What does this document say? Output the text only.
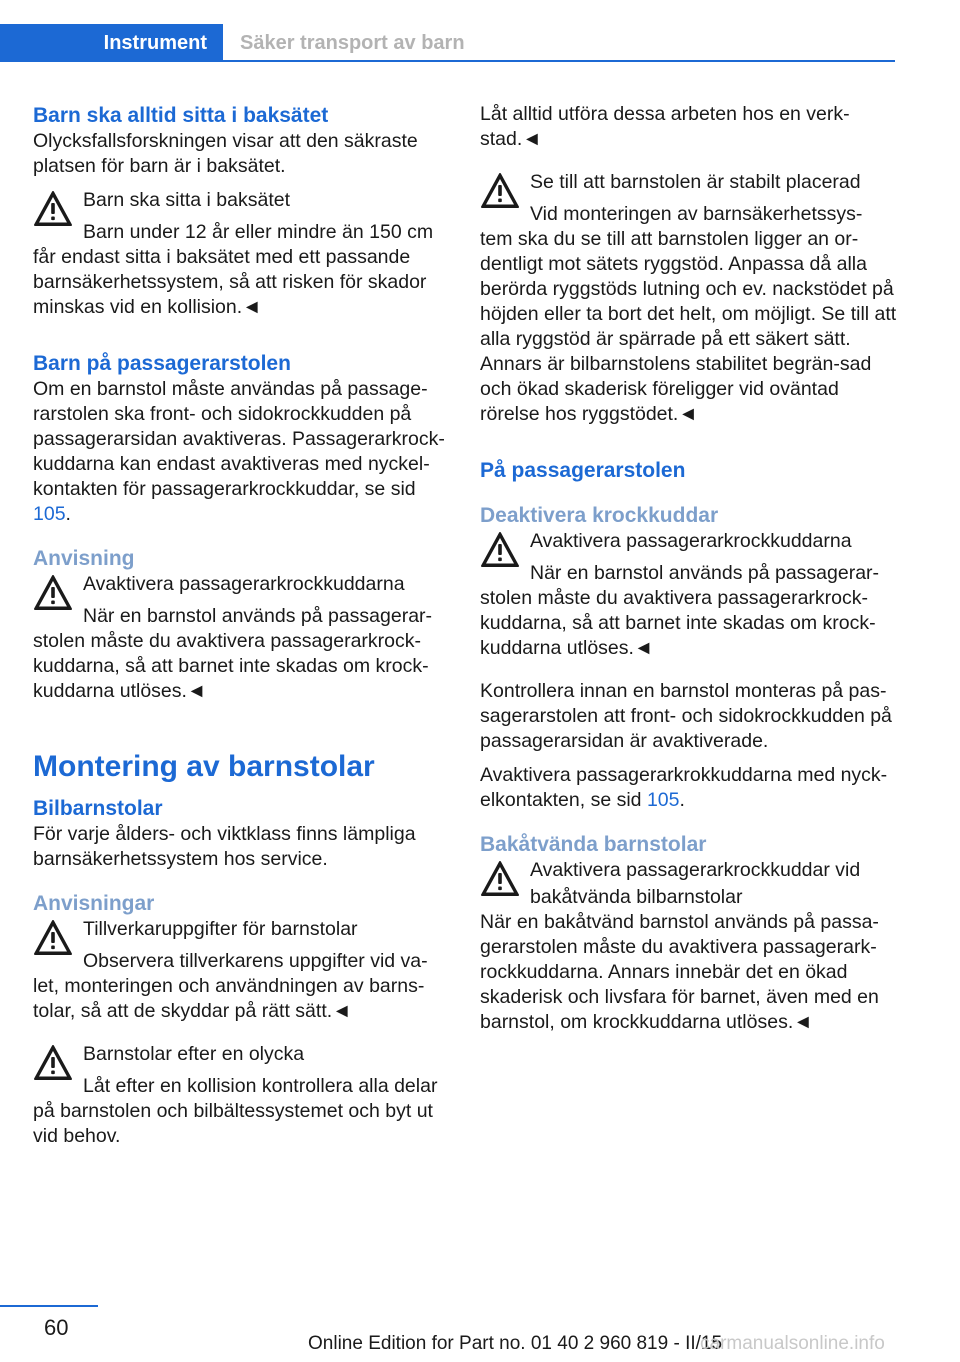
Instrument	Säker transport av barn
Barn ska alltid sitta i baksätet

Olycksfallsforskningen visar att den säkraste platsen för barn är i baksätet.

Barn ska sitta i baksätet

Barn under 12 år eller mindre än 150 cm

får endast sitta i baksätet med ett passande barnsäkerhetssystem, så att risken för skador minskas vid en kollision.◄

Barn på passagerarstolen

Om en barnstol måste användas på passage-rarstolen ska front- och sidokrockkudden på passagerarsidan avaktiveras. Passagerarkrock-kuddarna kan endast avaktiveras med nyckel-kontakten för passagerarkrockkuddar, se sid 105.

Anvisning

Avaktivera passagerarkrockkuddarna

När en barnstol används på passagerar-

stolen måste du avaktivera passagerarkrock-kuddarna, så att barnet inte skadas om krock-kuddarna utlöses.◄

Montering av barnstolar
Bilbarnstolar

För varje ålders- och viktklass finns lämpliga barnsäkerhetssystem hos service.

Anvisningar

Tillverkaruppgifter för barnstolar

Observera tillverkarens uppgifter vid va-

let, monteringen och användningen av barns-tolar, så att de skyddar på rätt sätt.◄

Barnstolar efter en olycka

Låt efter en kollision kontrollera alla delar

på barnstolen och bilbältessystemet och byt ut vid behov.

Låt alltid utföra dessa arbeten hos en verk-stad.◄

Se till att barnstolen är stabilt placerad

Vid monteringen av barnsäkerhetssys-

tem ska du se till att barnstolen ligger an or-dentligt mot sätets ryggstöd. Anpassa då alla berörda ryggstöds lutning och ev. nackstödet på höjden eller ta bort det helt, om möjligt. Se till att alla ryggstöd är spärrade på ett säkert sätt. Annars är bilbarnstolens stabilitet begrän-sad och ökad skaderisk föreligger vid oväntad rörelse hos ryggstödet.◄

På passagerarstolen
Deaktivera krockkuddar

Avaktivera passagerarkrockkuddarna

När en barnstol används på passagerar-

stolen måste du avaktivera passagerarkrock-kuddarna, så att barnet inte skadas om krock-kuddarna utlöses.◄

Kontrollera innan en barnstol monteras på pas-sagerarstolen att front- och sidokrockkudden på passagerarsidan är avaktiverade.

Avaktivera passagerarkrokkuddarna med nyck-elkontakten, se sid 105.

Bakåtvända barnstolar

Avaktivera passagerarkrockkuddar vid

bakåtvända bilbarnstolar

När en bakåtvänd barnstol används på passa-gerarstolen måste du avaktivera passagerark-rockkuddarna. Annars innebär det en ökad skaderisk och livsfara för barnet, även med en barnstol, om krockkuddarna utlöses.◄

60
Online Edition for Part no. 01 40 2 960 819 - II/15
carmanualsonline.info
